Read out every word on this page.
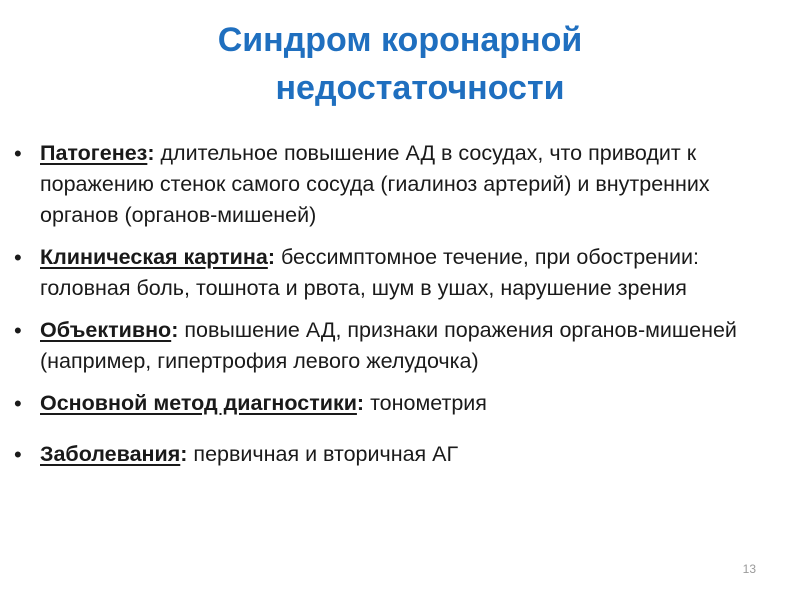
Синдром коронарной
недостаточности
• Патогенез: длительное повышение АД в сосудах, что приводит к поражению стенок самого сосуда (гиалиноз артерий) и внутренних органов (органов-мишеней)
• Клиническая картина: бессимптомное течение, при обострении: головная боль, тошнота и рвота, шум в ушах, нарушение зрения
• Объективно: повышение АД, признаки поражения органов-мишеней (например, гипертрофия левого желудочка)
• Основной метод диагностики: тонометрия
• Заболевания: первичная и вторичная АГ
13
